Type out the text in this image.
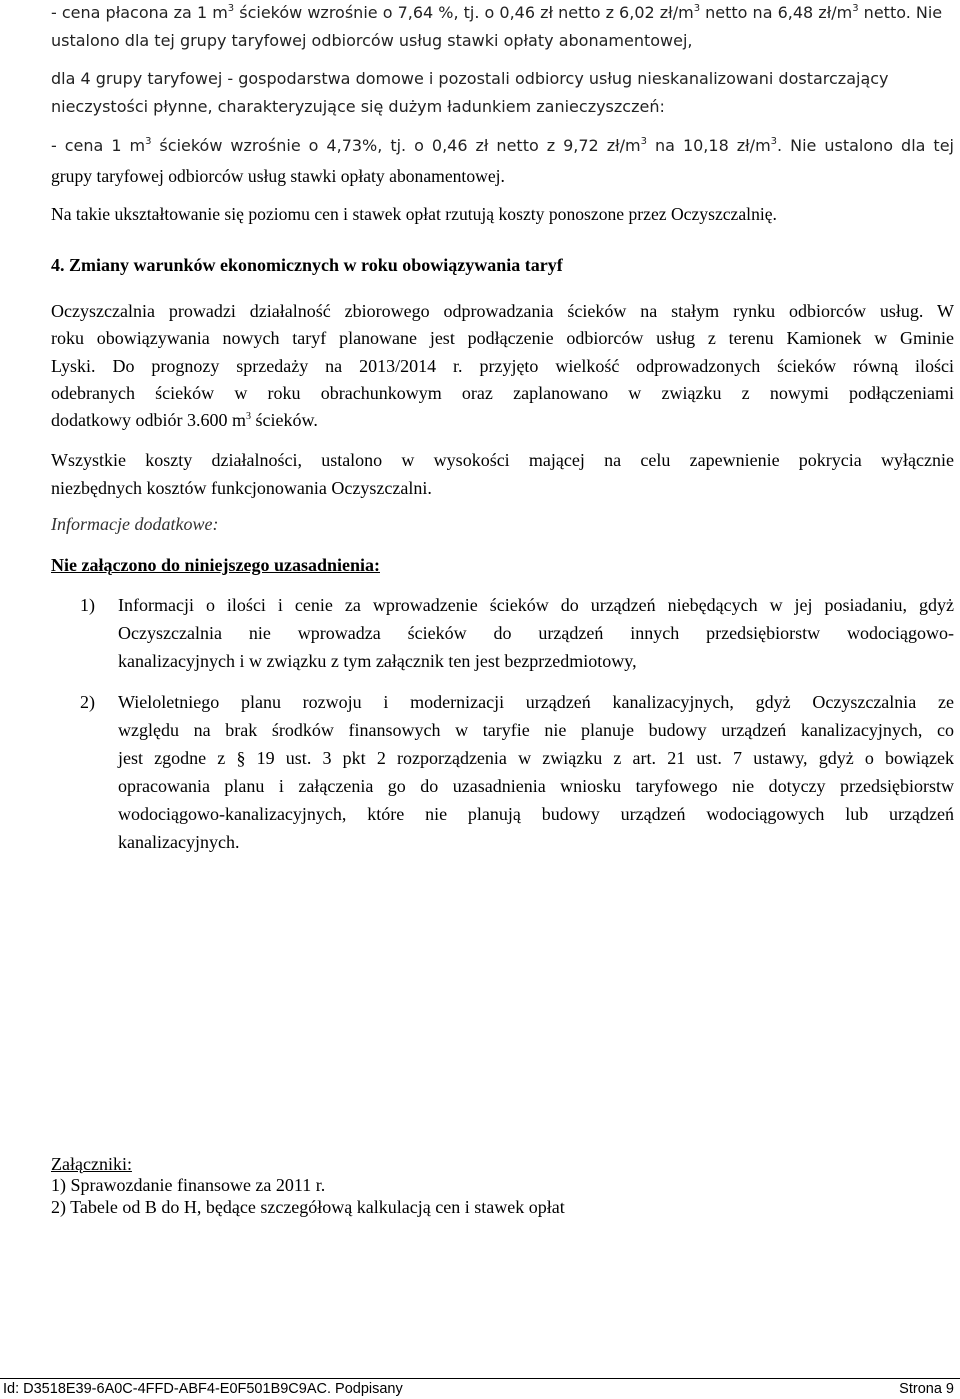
- cena płacona za 1 $m^3$ ścieków wzrośnie o 7,64 %, tj. o 0,46 zł netto z 6,02 $zł/m^3$ netto na 6,48 $zł/m^3$ netto. Nie

ustalono dla tej grupy taryfowej odbiorców usług stawki opłaty abonamentowej,

dla 4 grupy taryfowej - gospodarstwa domowe i pozostali odbiorcy usług nieskanalizowani dostarczający

nieczystości płynne, charakteryzujące się dużym ładunkiem zanieczyszczeń:

- cena 1 $m^3$ ścieków wzrośnie o 4,73%, tj. o 0,46 zł netto z 9,72 $zł/m^3$ na 10,18 $zł/m^3$. Nie ustalono dla tej

grupy taryfowej odbiorców usług stawki opłaty abonamentowej.

Na takie ukształtowanie się poziomu cen i stawek opłat rzutują koszty ponoszone przez Oczyszczalnię.

4. Zmiany warunków ekonomicznych w roku obowiązywania taryf

Oczyszczalnia prowadzi działalność zbiorowego odprowadzania ścieków na stałym rynku odbiorców usług. W

roku obowiązywania nowych taryf planowane jest podłączenie odbiorców usług z terenu Kamionek w Gminie

Lyski. Do prognozy sprzedaży na 2013/2014 r. przyjęto wielkość odprowadzonych ścieków równą ilości

odebranych ścieków w roku obrachunkowym oraz zaplanowano w związku z nowymi podłączeniami

dodatkowy odbiór 3.600 $m^3$ ścieków.

Wszystkie koszty działalności, ustalono w wysokości mającej na celu zapewnienie pokrycia wyłącznie

niezbędnych kosztów funkcjonowania Oczyszczalni.

Informacje dodatkowe:

Nie załączono do niniejszego uzasadnienia:

1) Informacji o ilości i cenie za wprowadzenie ścieków do urządzeń niebędących w jej posiadaniu, gdyż

Oczyszczalnia nie wprowadza ścieków do urządzeń innych przedsiębiorstw wodociągowo-

kanalizacyjnych i w związku z tym załącznik ten jest bezprzedmiotowy,

2) Wieloletniego planu rozwoju i modernizacji urządzeń kanalizacyjnych, gdyż Oczyszczalnia ze

względu na brak środków finansowych w taryfie nie planuje budowy urządzeń kanalizacyjnych, co

jest zgodne z § 19 ust. 3 pkt 2 rozporządzenia w związku z art. 21 ust. 7 ustawy, gdyż o bowiązek

opracowania planu i załączenia go do uzasadnienia wniosku taryfowego nie dotyczy przedsiębiorstw

wodociągowo-kanalizacyjnych, które nie planują budowy urządzeń wodociągowych lub urządzeń

kanalizacyjnych.

Załączniki:

1) Sprawozdanie finansowe za 2011 r.

2) Tabele od B do H, będące szczegółową kalkulacją cen i stawek opłat

Id: D3518E39-6A0C-4FFD-ABF4-E0F501B9C9AC. Podpisany	Strona 9
